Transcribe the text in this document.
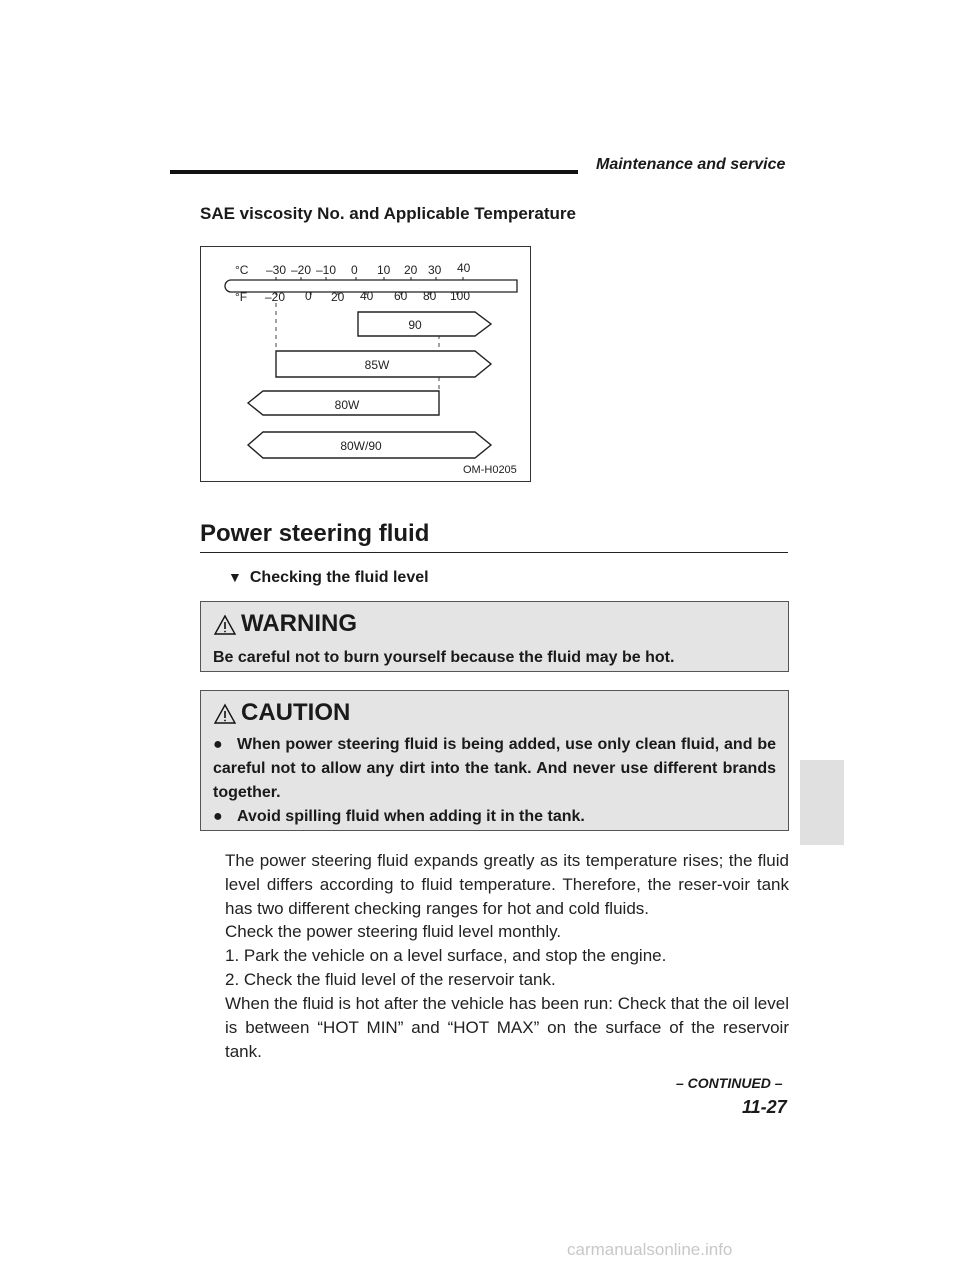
Maintenance and service
SAE viscosity No. and Applicable Temperature
°C
°F
–30 –20 –10 0 10 20 30 40
–20 0 20 40 60 80 100
90
85W
80W
80W/90
OM-H0205
Power steering fluid
▼ Checking the fluid level
WARNING
Be careful not to burn yourself because the fluid may be hot.
CAUTION
● When power steering fluid is being added, use only clean fluid, and be careful not to allow any dirt into the tank. And never use different brands together.
● Avoid spilling fluid when adding it in the tank.
The power steering fluid expands greatly as its temperature rises; the fluid level differs according to fluid temperature. Therefore, the reser-voir tank has two different checking ranges for hot and cold fluids.
Check the power steering fluid level monthly.
1. Park the vehicle on a level surface, and stop the engine.
2. Check the fluid level of the reservoir tank.
When the fluid is hot after the vehicle has been run: Check that the oil level is between “HOT MIN” and “HOT MAX” on the surface of the reservoir tank.
– CONTINUED –
11-27
carmanualsonline.info
